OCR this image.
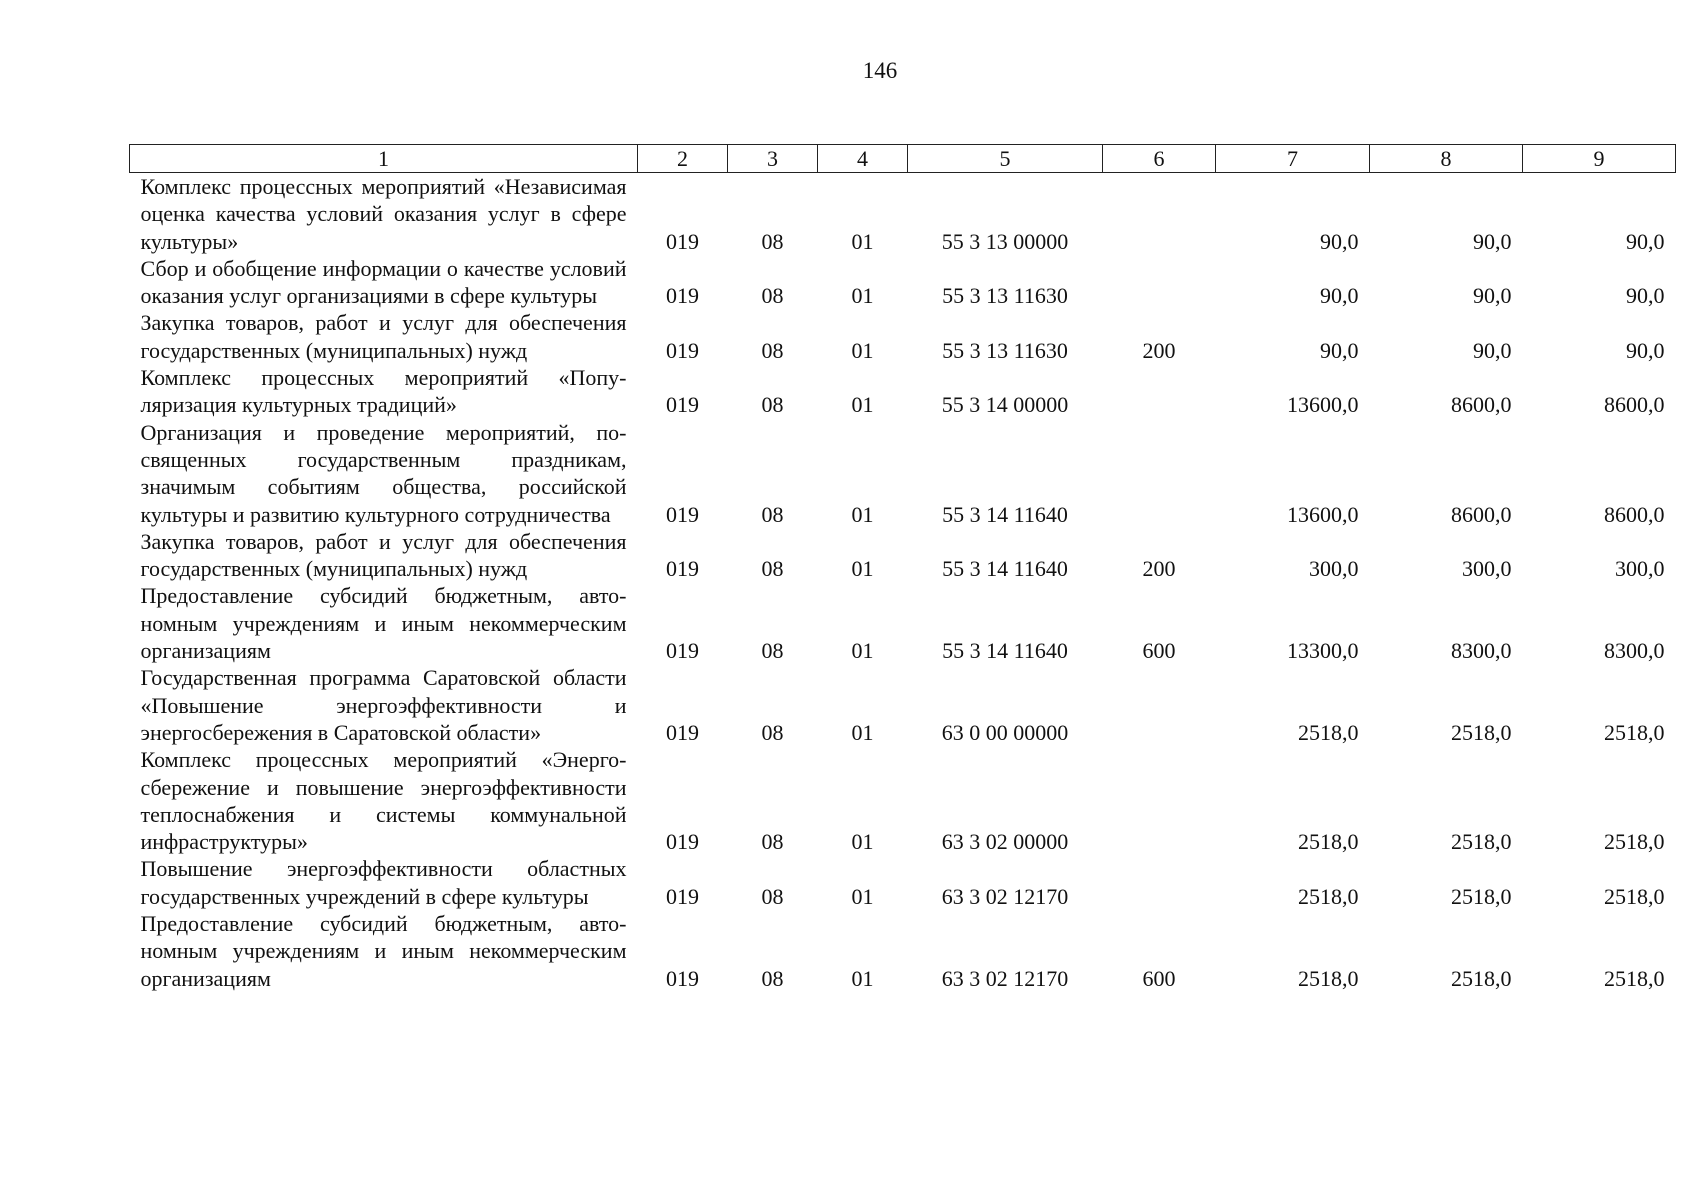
146
1	2	3	4	5	6	7	8	9
Комплекс процессных мероприятий «Независимая оценка качества условий оказания услуг в сфере культуры»	019	08	01	55 3 13 00000		90,0	90,0	90,0
Сбор и обобщение информации о качестве условий оказания услуг организациями в сфере культуры	019	08	01	55 3 13 11630		90,0	90,0	90,0
Закупка товаров, работ и услуг для обеспечения государственных (муниципальных) нужд	019	08	01	55 3 13 11630	200	90,0	90,0	90,0
Комплекс процессных мероприятий «Популяризация культурных традиций»	019	08	01	55 3 14 00000		13600,0	8600,0	8600,0
Организация и проведение мероприятий, посвященных государственным праздникам, значимым событиям общества, российской культуры и развитию культурного сотрудничества	019	08	01	55 3 14 11640		13600,0	8600,0	8600,0
Закупка товаров, работ и услуг для обеспечения государственных (муниципальных) нужд	019	08	01	55 3 14 11640	200	300,0	300,0	300,0
Предоставление субсидий бюджетным, автономным учреждениям и иным некоммерческим организациям	019	08	01	55 3 14 11640	600	13300,0	8300,0	8300,0
Государственная программа Саратовской области «Повышение энергоэффективности и энергосбережения в Саратовской области»	019	08	01	63 0 00 00000		2518,0	2518,0	2518,0
Комплекс процессных мероприятий «Энергосбережение и повышение энергоэффективности теплоснабжения и системы коммунальной инфраструктуры»	019	08	01	63 3 02 00000		2518,0	2518,0	2518,0
Повышение энергоэффективности областных государственных учреждений в сфере культуры	019	08	01	63 3 02 12170		2518,0	2518,0	2518,0
Предоставление субсидий бюджетным, автономным учреждениям и иным некоммерческим организациям	019	08	01	63 3 02 12170	600	2518,0	2518,0	2518,0
